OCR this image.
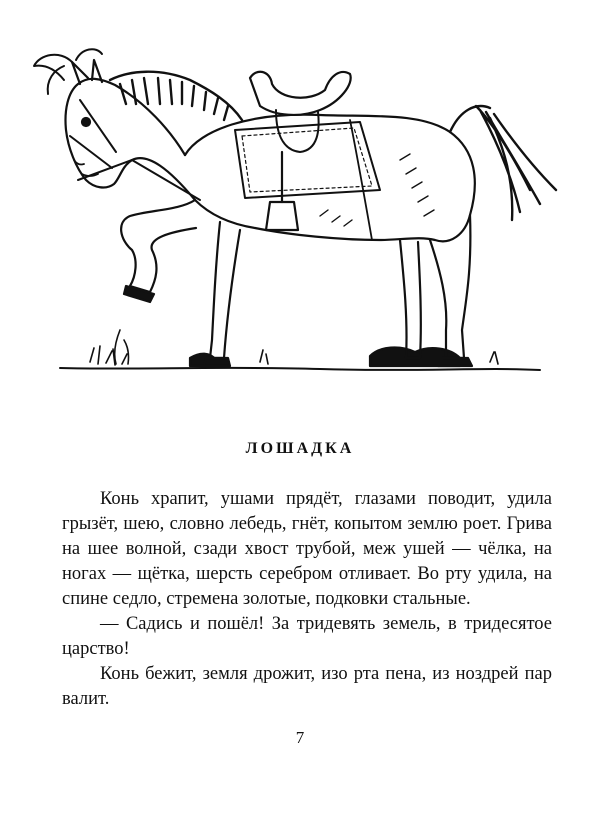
ЛОШАДКА

Конь храпит, ушами прядёт, глазами поводит, удила грызёт, шею, словно лебедь, гнёт, копытом землю роет. Грива на шее волной, сзади хвост трубой, меж ушей — чёлка, на ногах — щётка, шерсть серебром отливает. Во рту удила, на спине седло, стремена золотые, подковки стальные.

— Садись и пошёл! За тридевять земель, в тридесятое царство!

Конь бежит, земля дрожит, изо рта пена, из ноздрей пар валит.

7
